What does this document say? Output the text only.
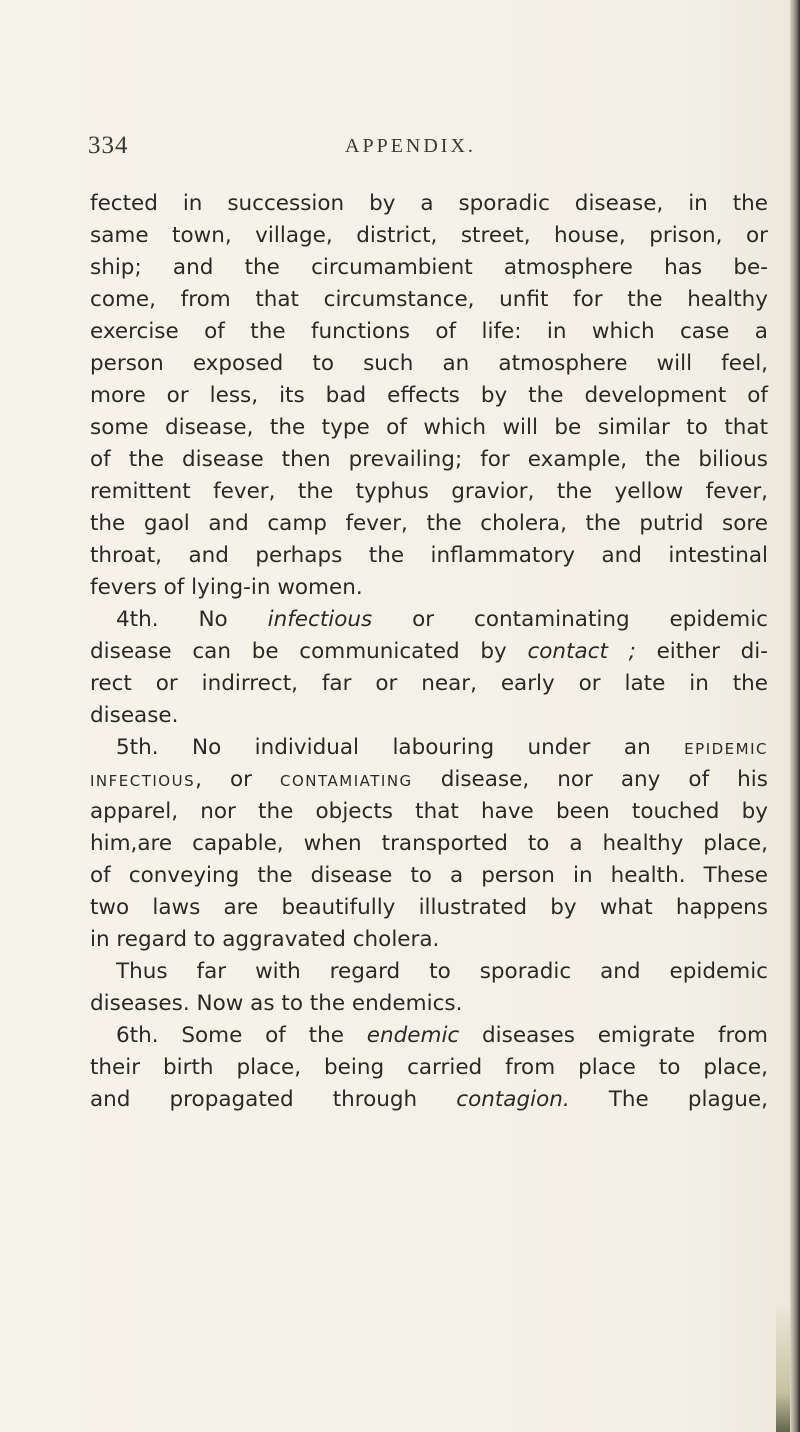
334	APPENDIX.
fected in succession by a sporadic disease, in the
same town, village, district, street, house, prison, or
ship; and the circumambient atmosphere has be-
come, from that circumstance, unfit for the healthy
exercise of the functions of life: in which case a
person exposed to such an atmosphere will feel,
more or less, its bad effects by the development of
some disease, the type of which will be similar to that
of the disease then prevailing; for example, the bilious
remittent fever, the typhus gravior, the yellow fever,
the gaol and camp fever, the cholera, the putrid sore
throat, and perhaps the inflammatory and intestinal
fevers of lying-in women.
4th. No infectious or contaminating epidemic
disease can be communicated by contact ; either di-
rect or indirrect, far or near, early or late in the
disease.
5th. No individual labouring under an EPIDEMIC
INFECTIOUS, or CONTAMIATING disease, nor any of his
apparel, nor the objects that have been touched by
him,are capable, when transported to a healthy place,
of conveying the disease to a person in health. These
two laws are beautifully illustrated by what happens
in regard to aggravated cholera.
Thus far with regard to sporadic and epidemic
diseases. Now as to the endemics.
6th. Some of the endemic diseases emigrate from
their birth place, being carried from place to place,
and propagated through contagion. The plague,
